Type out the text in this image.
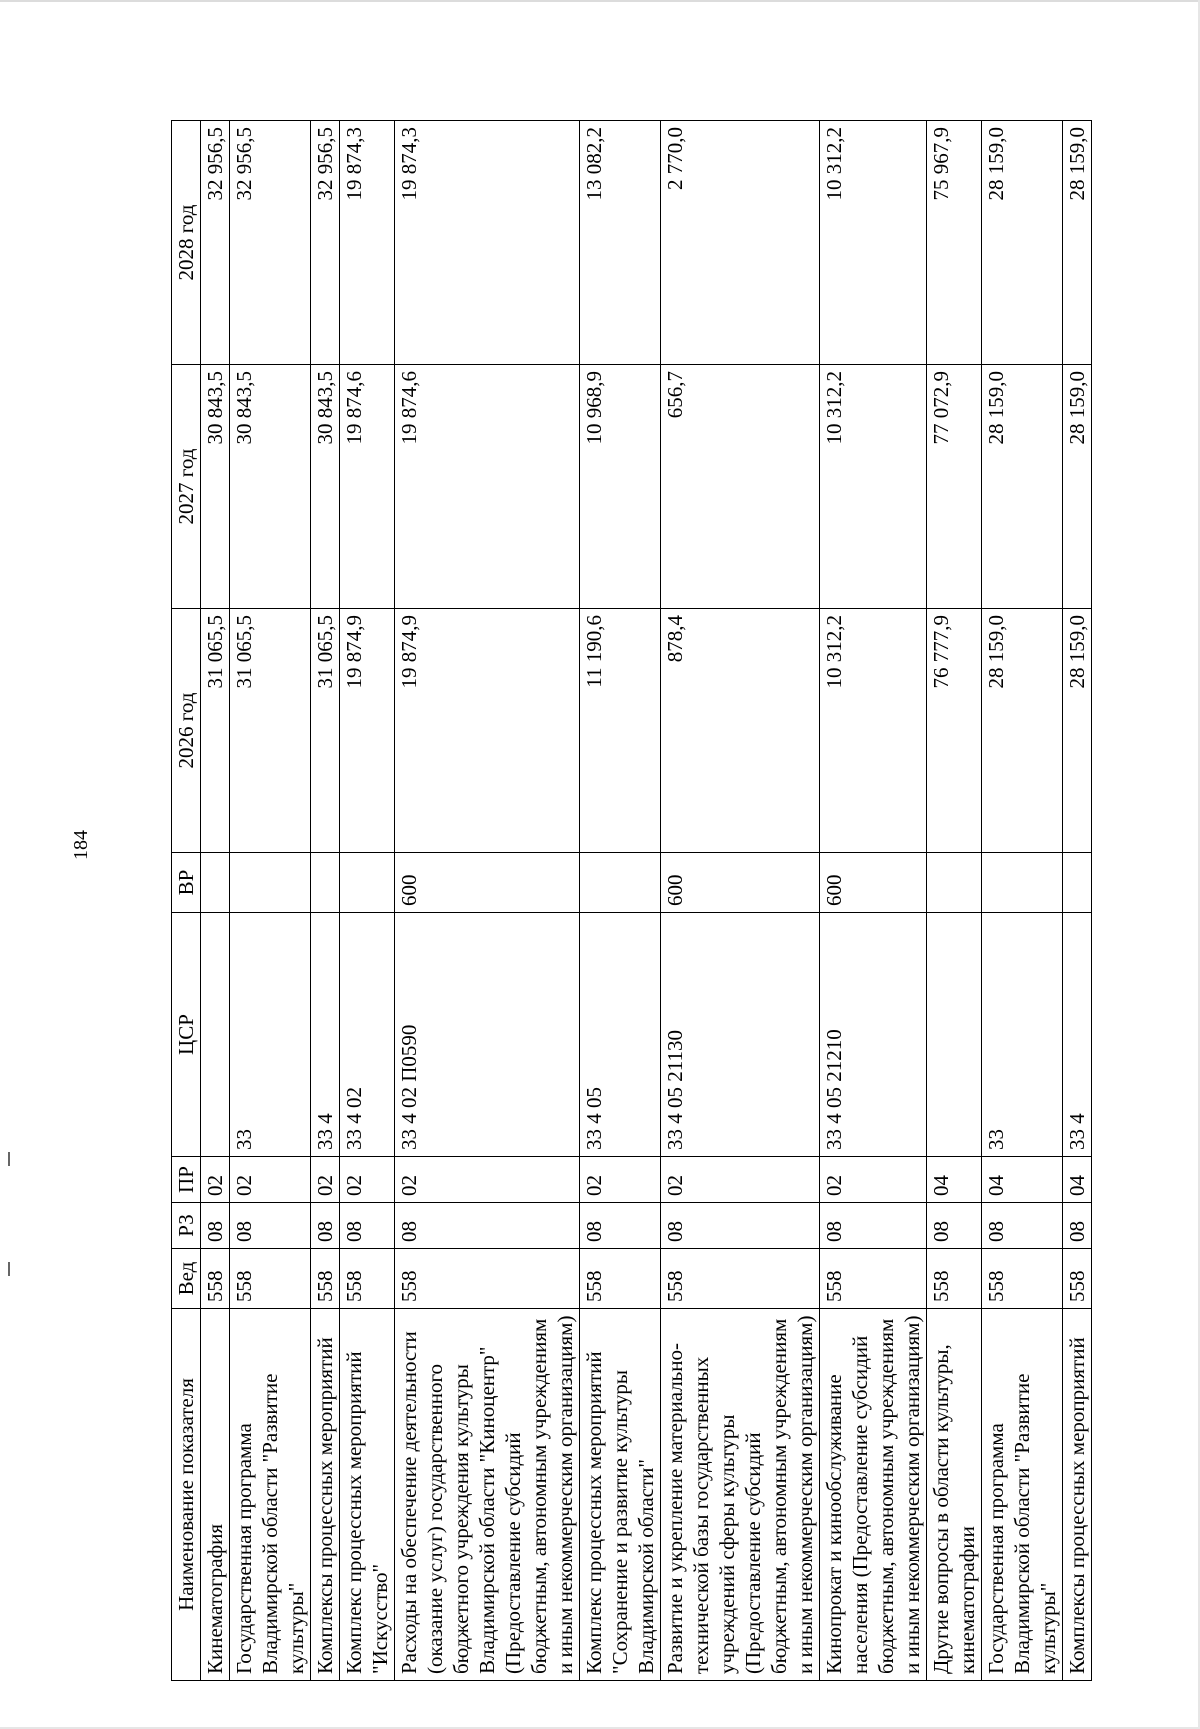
184
Наименование показателя	Вед	РЗ	ПР	ЦСР	ВР	2026 год	2027 год	2028 год
Кинематография	558	08	02			31 065,5	30 843,5	32 956,5
Государственная программа Владимирской области "Развитие культуры"	558	08	02	33		31 065,5	30 843,5	32 956,5
Комплексы процессных мероприятий	558	08	02	33 4		31 065,5	30 843,5	32 956,5
Комплекс процессных мероприятий "Искусство"	558	08	02	33 4 02		19 874,9	19 874,6	19 874,3
Расходы на обеспечение деятельности (оказание услуг) государственного бюджетного учреждения культуры Владимирской области "Киноцентр" (Предоставление субсидий бюджетным, автономным учреждениям и иным некоммерческим организациям)	558	08	02	33 4 02 П0590	600	19 874,9	19 874,6	19 874,3
Комплекс процессных мероприятий "Сохранение и развитие культуры Владимирской области"	558	08	02	33 4 05		11 190,6	10 968,9	13 082,2
Развитие и укрепление материально-технической базы государственных учреждений сферы культуры (Предоставление субсидий бюджетным, автономным учреждениям и иным некоммерческим организациям)	558	08	02	33 4 05 21130	600	878,4	656,7	2 770,0
Кинопрокат и кинообслуживание населения (Предоставление субсидий бюджетным, автономным учреждениям и иным некоммерческим организациям)	558	08	02	33 4 05 21210	600	10 312,2	10 312,2	10 312,2
Другие вопросы в области культуры, кинематографии	558	08	04			76 777,9	77 072,9	75 967,9
Государственная программа Владимирской области "Развитие культуры"	558	08	04	33		28 159,0	28 159,0	28 159,0
Комплексы процессных мероприятий	558	08	04	33 4		28 159,0	28 159,0	28 159,0
